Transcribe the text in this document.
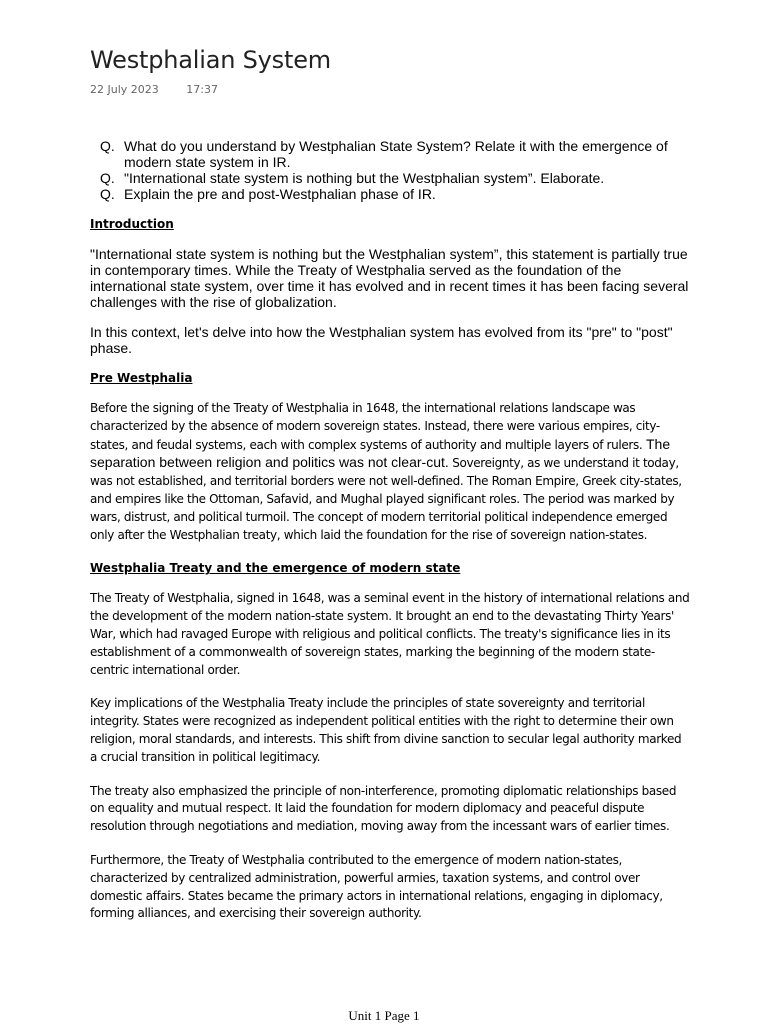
Westphalian System
22 July 2023	17:37
Q. What do you understand by Westphalian State System? Relate it with the emergence of modern state system in IR.
Q. "International state system is nothing but the Westphalian system”. Elaborate.
Q. Explain the pre and post-Westphalian phase of IR.
Introduction

"International state system is nothing but the Westphalian system”, this statement is partially true in contemporary times. While the Treaty of Westphalia served as the foundation of the international state system, over time it has evolved and in recent times it has been facing several challenges with the rise of globalization.

In this context, let's delve into how the Westphalian system has evolved from its "pre" to "post" phase.

Pre Westphalia

Before the signing of the Treaty of Westphalia in 1648, the international relations landscape was characterized by the absence of modern sovereign states. Instead, there were various empires, city-states, and feudal systems, each with complex systems of authority and multiple layers of rulers. The separation between religion and politics was not clear-cut. Sovereignty, as we understand it today, was not established, and territorial borders were not well-defined. The Roman Empire, Greek city-states, and empires like the Ottoman, Safavid, and Mughal played significant roles. The period was marked by wars, distrust, and political turmoil. The concept of modern territorial political independence emerged only after the Westphalian treaty, which laid the foundation for the rise of sovereign nation-states.

Westphalia Treaty and the emergence of modern state

The Treaty of Westphalia, signed in 1648, was a seminal event in the history of international relations and the development of the modern nation-state system. It brought an end to the devastating Thirty Years' War, which had ravaged Europe with religious and political conflicts. The treaty's significance lies in its establishment of a commonwealth of sovereign states, marking the beginning of the modern state-centric international order.

Key implications of the Westphalia Treaty include the principles of state sovereignty and territorial integrity. States were recognized as independent political entities with the right to determine their own religion, moral standards, and interests. This shift from divine sanction to secular legal authority marked a crucial transition in political legitimacy.

The treaty also emphasized the principle of non-interference, promoting diplomatic relationships based on equality and mutual respect. It laid the foundation for modern diplomacy and peaceful dispute resolution through negotiations and mediation, moving away from the incessant wars of earlier times.

Furthermore, the Treaty of Westphalia contributed to the emergence of modern nation-states, characterized by centralized administration, powerful armies, taxation systems, and control over domestic affairs. States became the primary actors in international relations, engaging in diplomacy, forming alliances, and exercising their sovereign authority.

Unit 1 Page 1
